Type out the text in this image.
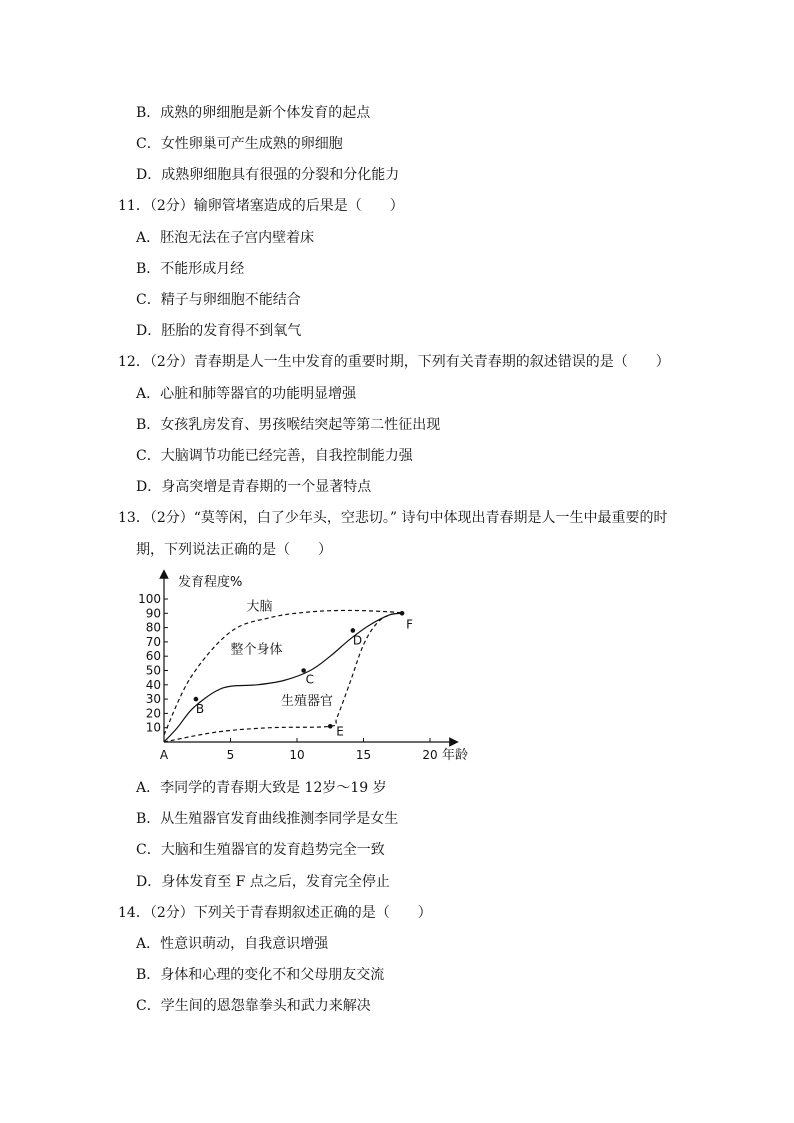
B．成熟的卵细胞是新个体发育的起点
C．女性卵巢可产生成熟的卵细胞
D．成熟卵细胞具有很强的分裂和分化能力
11．（2分）输卵管堵塞造成的后果是（　　）
A．胚泡无法在子宫内壁着床
B．不能形成月经
C．精子与卵细胞不能结合
D．胚胎的发育得不到氧气
12．（2分）青春期是人一生中发育的重要时期，下列有关青春期的叙述错误的是（　　）
A．心脏和肺等器官的功能明显增强
B．女孩乳房发育、男孩喉结突起等第二性征出现
C．大脑调节功能已经完善，自我控制能力强
D．身高突增是青春期的一个显著特点
13．（2分）“莫等闲，白了少年头，空悲切。” 诗句中体现出青春期是人一生中最重要的时
期，下列说法正确的是（　　）
10
20
30
40
50
60
70
80
90
100
5	10	15	20 年龄
发育程度%
A
大脑
整个身体
生殖器官
B
C
D
E
F
A．李同学的青春期大致是 12岁～19 岁
B．从生殖器官发育曲线推测李同学是女生
C．大脑和生殖器官的发育趋势完全一致
D．身体发育至 F 点之后，发育完全停止
14．（2分）下列关于青春期叙述正确的是（　　）
A．性意识萌动，自我意识增强
B．身体和心理的变化不和父母朋友交流
C．学生间的恩怨靠拳头和武力来解决
